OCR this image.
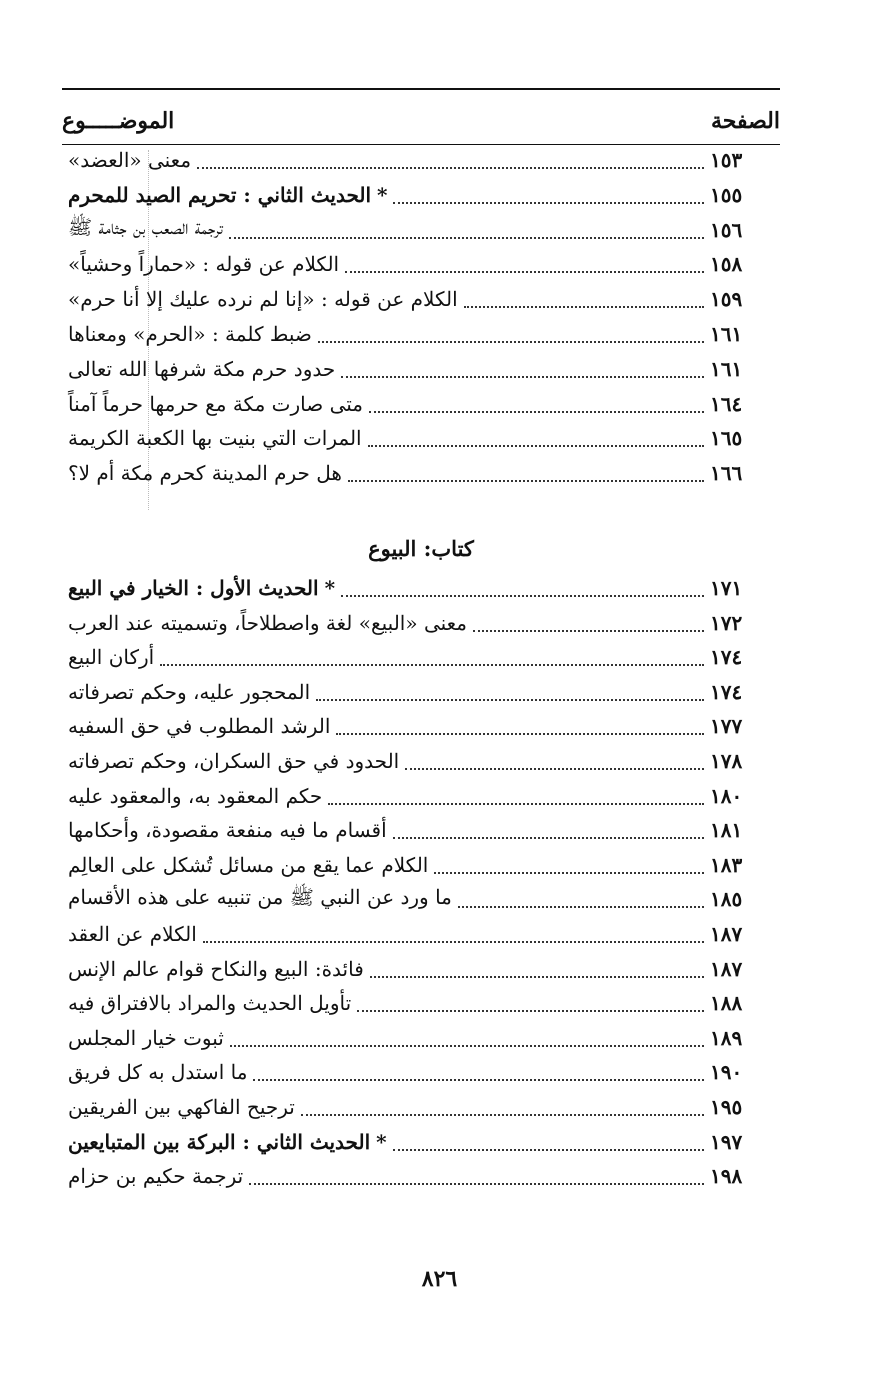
الموضـــــوع	الصفحة
معنى «العضد»	١٥٣
*الحديث الثاني : تحريم الصيد للمحرم	١٥٥
ترجمة الصعب بن جثامة ﷺ	١٥٦
الكلام عن قوله : «حماراً وحشياً»	١٥٨
الكلام عن قوله : «إنا لم نرده عليك إلا أنا حرم»	١٥٩
ضبط كلمة : «الحرم» ومعناها	١٦١
حدود حرم مكة شرفها الله تعالى	١٦١
متى صارت مكة مع حرمها حرماً آمناً	١٦٤
المرات التي بنيت بها الكعبة الكريمة	١٦٥
هل حرم المدينة كحرم مكة أم لا؟	١٦٦
كتاب: البيوع
*الحديث الأول : الخيار في البيع	١٧١
معنى «البيع» لغة واصطلاحاً، وتسميته عند العرب	١٧٢
أركان البيع	١٧٤
المحجور عليه، وحكم تصرفاته	١٧٤
الرشد المطلوب في حق السفيه	١٧٧
الحدود في حق السكران، وحكم تصرفاته	١٧٨
حكم المعقود به، والمعقود عليه	١٨٠
أقسام ما فيه منفعة مقصودة، وأحكامها	١٨١
الكلام عما يقع من مسائل تُشكل على العالِم	١٨٣
ما ورد عن النبي ﷺ من تنبيه على هذه الأقسام	١٨٥
الكلام عن العقد	١٨٧
فائدة: البيع والنكاح قوام عالم الإنس	١٨٧
تأويل الحديث والمراد بالافتراق فيه	١٨٨
ثبوت خيار المجلس	١٨٩
ما استدل به كل فريق	١٩٠
ترجيح الفاكهي بين الفريقين	١٩٥
*الحديث الثاني : البركة بين المتبايعين	١٩٧
ترجمة حكيم بن حزام	١٩٨
٨٢٦
